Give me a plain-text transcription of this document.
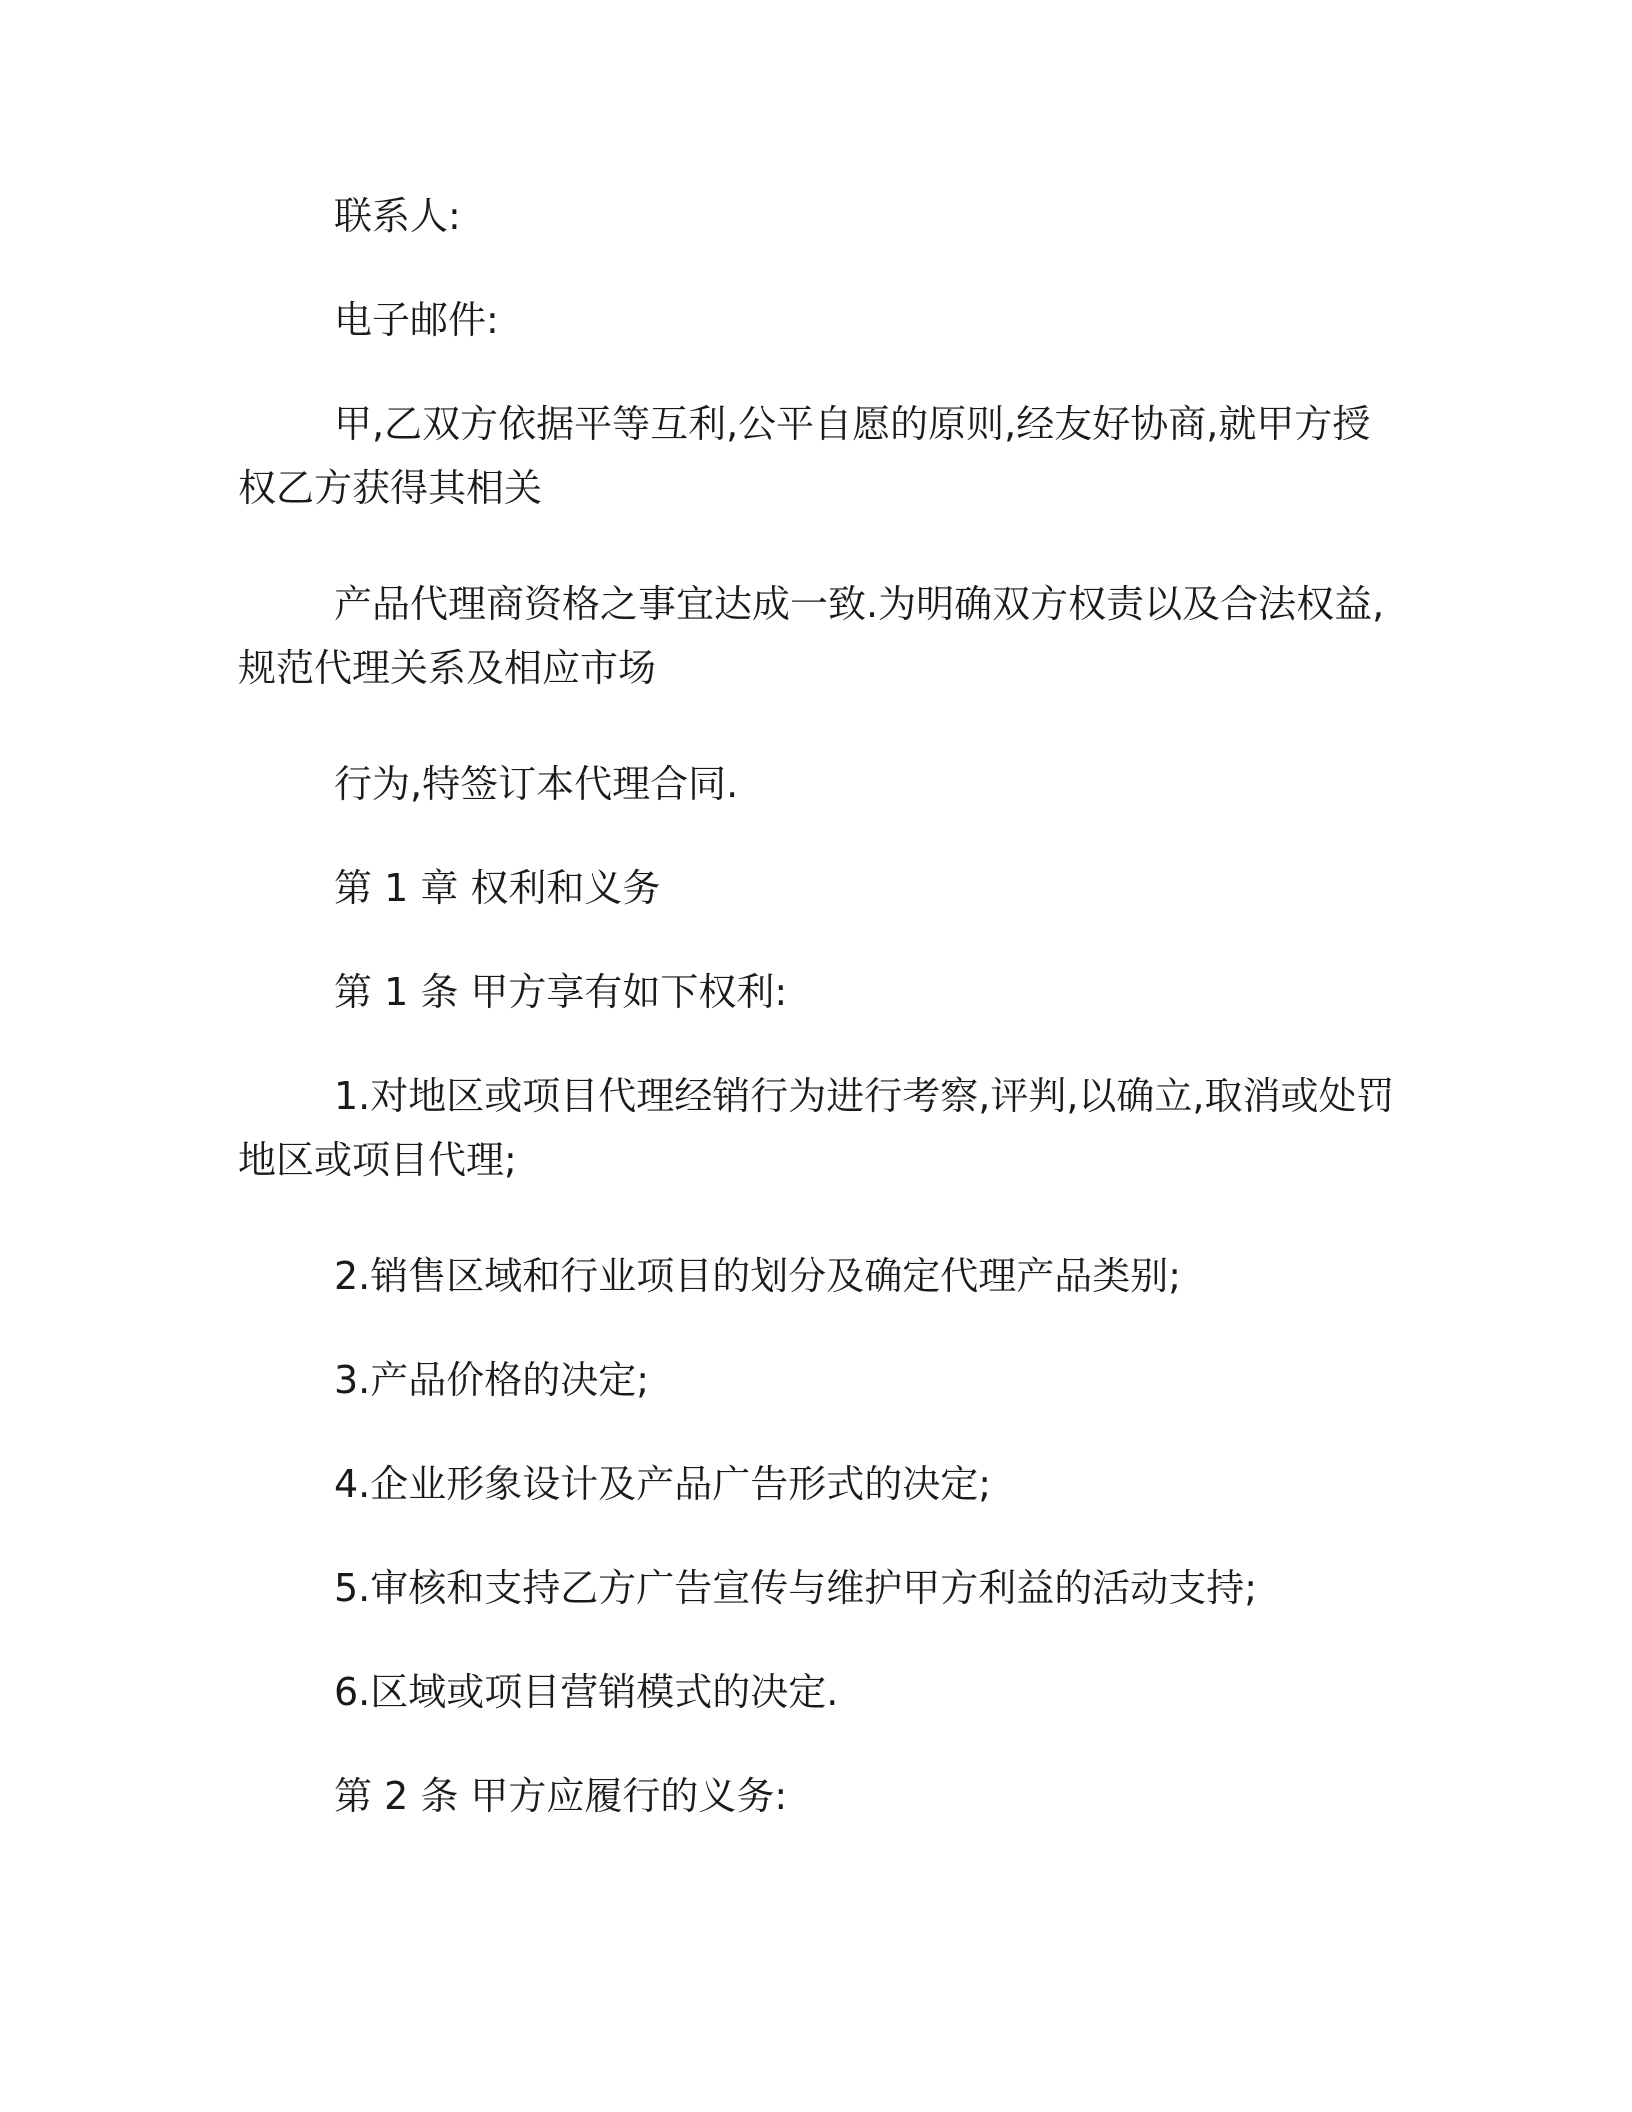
联系人:

电子邮件:

甲,乙双方依据平等互利,公平自愿的原则,经友好协商,就甲方授权乙方获得其相关

产品代理商资格之事宜达成一致.为明确双方权责以及合法权益,规范代理关系及相应市场

行为,特签订本代理合同.

第 1 章 权利和义务

第 1 条 甲方享有如下权利:

1.对地区或项目代理经销行为进行考察,评判,以确立,取消或处罚地区或项目代理;

2.销售区域和行业项目的划分及确定代理产品类别;

3.产品价格的决定;

4.企业形象设计及产品广告形式的决定;

5.审核和支持乙方广告宣传与维护甲方利益的活动支持;

6.区域或项目营销模式的决定.

第 2 条 甲方应履行的义务:
